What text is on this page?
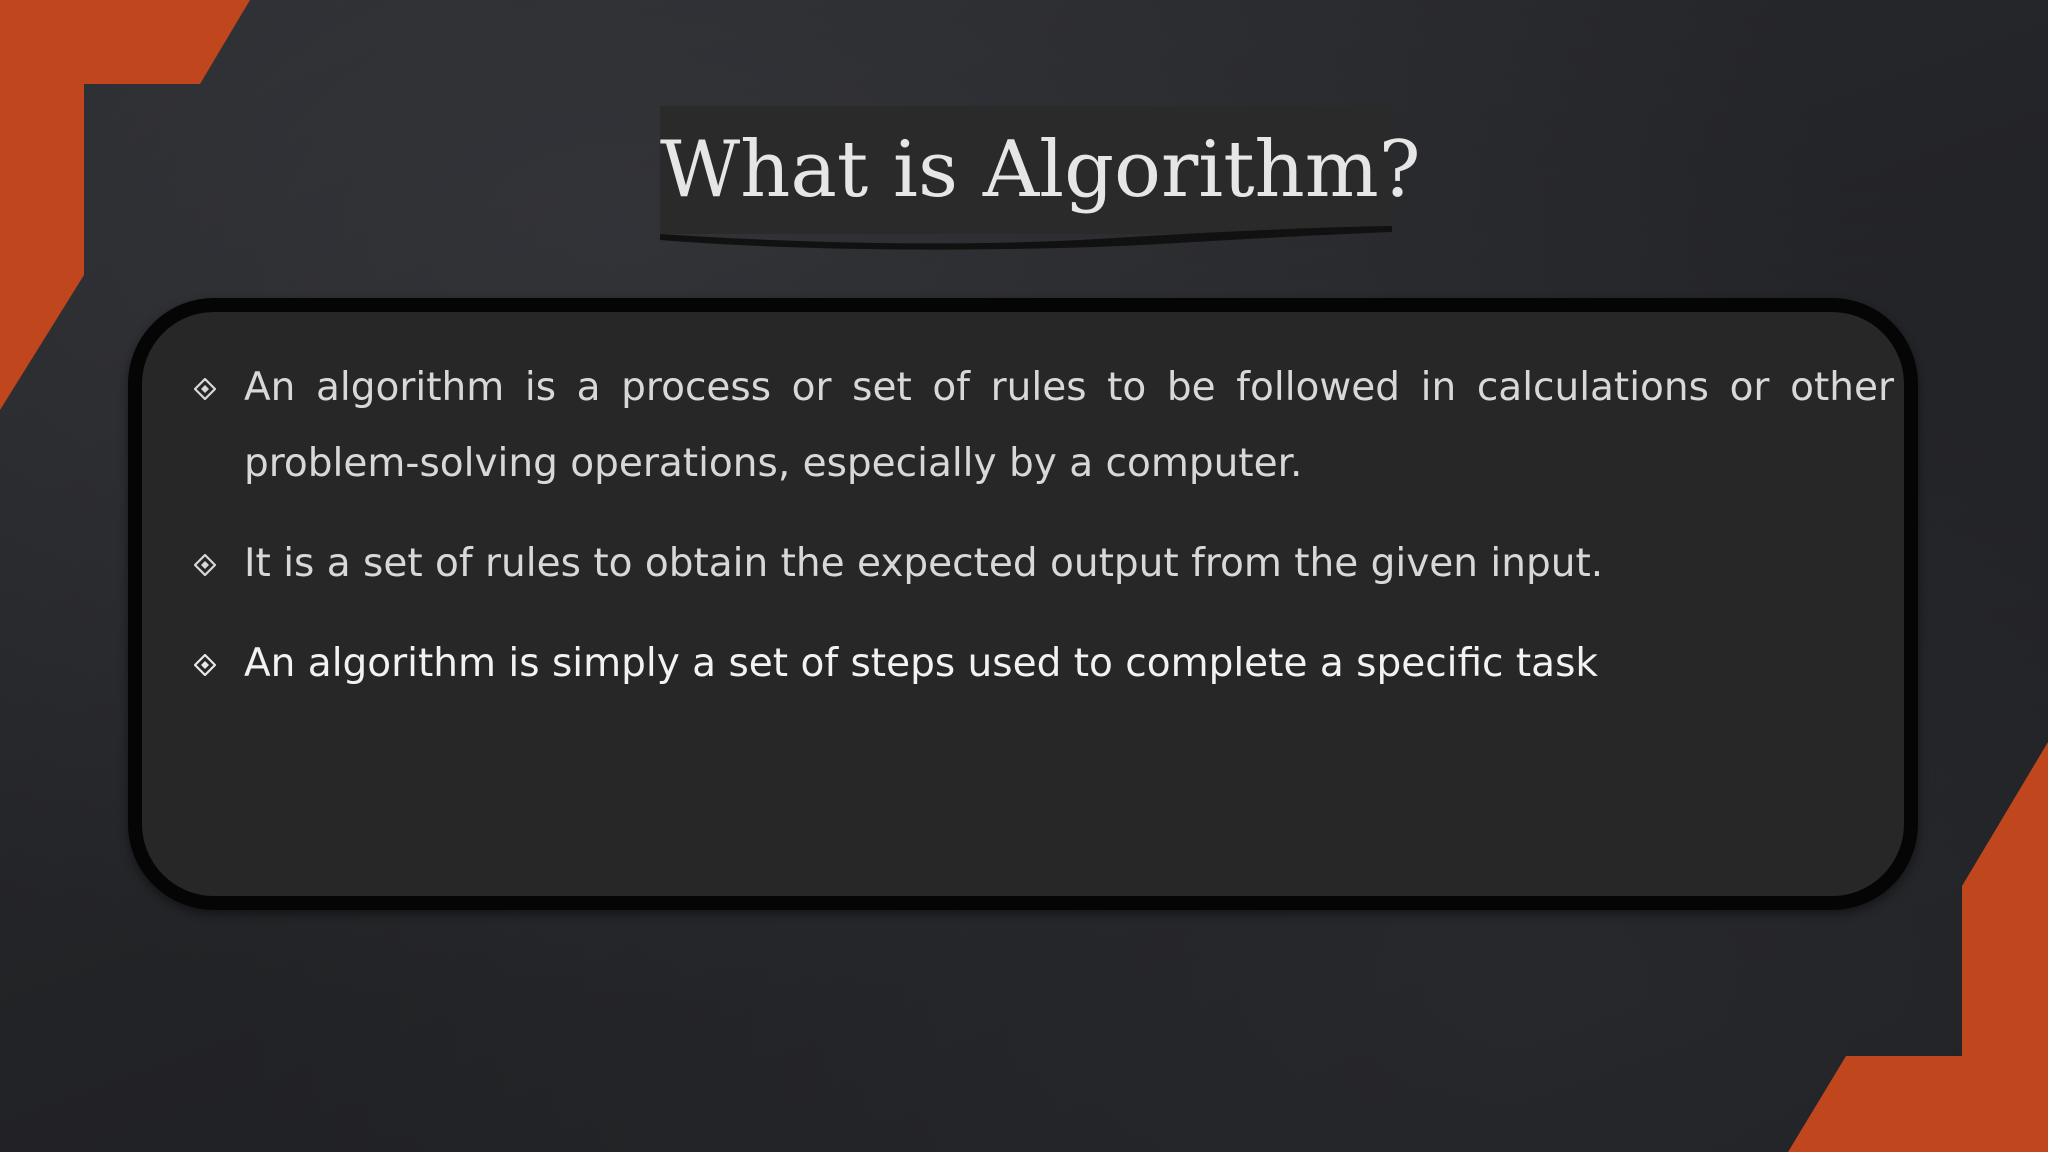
What is Algorithm?
An algorithm is a process or set of rules to be followed in calculations or other problem-solving operations, especially by a computer.
It is a set of rules to obtain the expected output from the given input.
An algorithm is simply a set of steps used to complete a specific task
